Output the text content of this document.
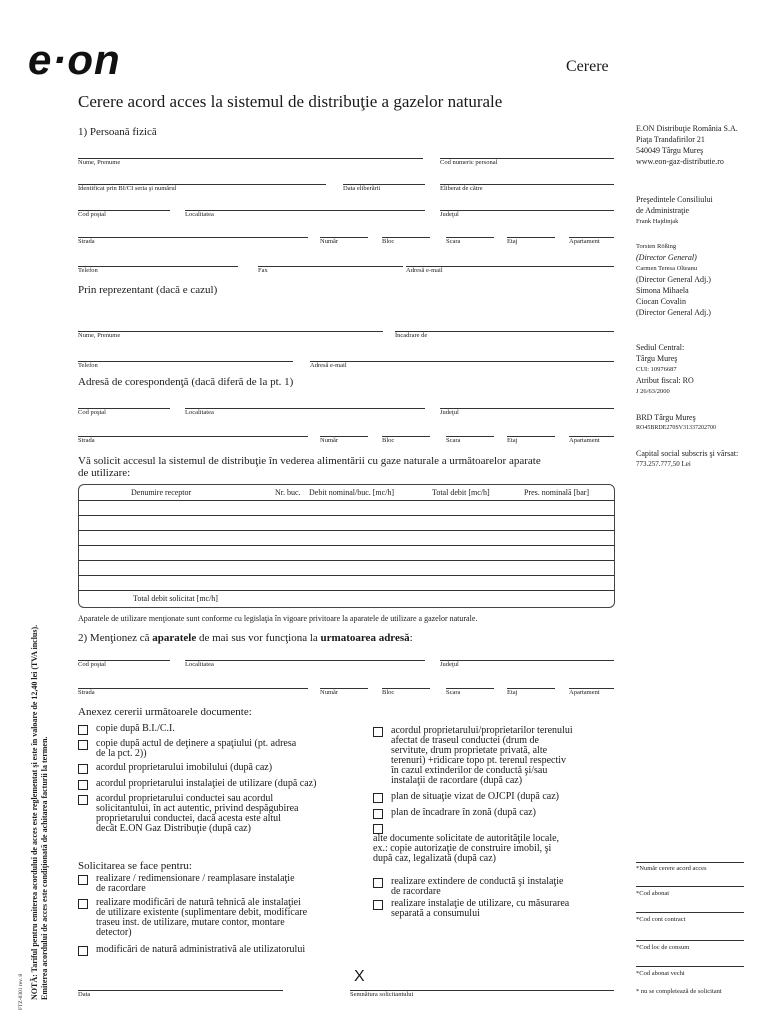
e·on	Cerere
Cerere acord acces la sistemul de distribuţie a gazelor naturale
1) Persoană fizică
Nume, Prenume	Cod numeric personal
Identificat prin BI/CI seria şi numărul	Data eliberării	Eliberat de către
Cod poştal	Localitatea	Judeţul
Strada	Număr	Bloc	Scara	Etaj	Apartament
Telefon	Fax	Adresă e-mail
Prin reprezentant (dacă e cazul)
Nume, Prenume	Încadrare de
Telefon	Adresă e-mail
Adresă de corespondenţă (dacă diferă de la pt. 1)
Cod poştal	Localitatea	Judeţul
Strada	Număr	Bloc	Scara	Etaj	Apartament
Vă solicit accesul la sistemul de distribuţie în vederea alimentării cu gaze naturale a următoarelor aparate
de utilizare:
Denumire receptor	Nr. buc. Debit nominal/buc. [mc/h]	Total debit [mc/h]	Pres. nominală [bar]
Total debit solicitat [mc/h]
Aparatele de utilizare menţionate sunt conforme cu legislaţia în vigoare privitoare la aparatele de utilizare a gazelor naturale.
2) Menţionez că aparatele de mai sus vor funcţiona la urmatoarea adresă:
Cod poştal	Localitatea	Judeţul
Strada	Număr	Bloc	Scara	Etaj	Apartament
Anexez cererii următoarele documente:
copie după B.I./C.I.
copie după actul de deţinere a spaţiului (pt. adresa
de la pct. 2))
acordul proprietarului imobilului (după caz)
acordul proprietarului instalaţiei de utilizare (după caz)
acordul proprietarului conductei sau acordul
solicitantului, în act autentic, privind despăgubirea
proprietarului conductei, dacă acesta este altul
decât E.ON Gaz Distribuţie (după caz)
acordul proprietarului/proprietarilor terenului
afectat de traseul conductei (drum de
servitute, drum proprietate privată, alte
terenuri) +ridicare topo pt. terenul respectiv
în cazul extinderilor de conductă şi/sau
instalaţii de racordare (după caz)
plan de situaţie vizat de OJCPI (după caz)
plan de încadrare în zonă (după caz)
alte documente solicitate de autorităţile locale,
ex.: copie autorizaţie de construire imobil, şi
după caz, legalizată (după caz)
Solicitarea se face pentru:
realizare / redimensionare / reamplasare instalaţie
de racordare
realizare modificări de natură tehnică ale instalaţiei
de utilizare existente (suplimentare debit, modificare
traseu inst. de utilizare, mutare contor, montare
detector)
modificări de natură administrativă ale utilizatorului
realizare extindere de conductă şi instalaţie
de racordare
realizare instalaţie de utilizare, cu măsurarea
separată a consumului
Data	Semnătura solicitantului
X
E.ON Distribuţie România S.A.
Piaţa Trandafirilor 21
540049 Târgu Mureş
www.eon-gaz-distributie.ro
Preşedintele Consiliului
de Administraţie
Frank Hajdinjak
Torsten Rößing
(Director General)
Carmen Teresa Olteanu
(Director General Adj.)
Simona Mihaela
Ciocan Covalin
(Director General Adj.)
Sediul Central:
Târgu Mureş
CUI: 10976687
Atribut fiscal: RO
J 26/63/2000
BRD Târgu Mureş
RO45BRDE270SV31337202700
Capital social subscris şi vărsat:
773.257.777,50 Lei
*Număr cerere acord acces
*Cod abonat
*Cod cont contract
*Cod loc de consum
*Cod abonat vechi
* nu se completează de solicitant
NOTĂ: Tariful pentru emiterea acordului de acces este reglementat şi este în valoare de 12,40 lei (TVA inclus). Emiterea acordului de acces este condiţionată de achitarea facturii la termen.
FTZ-0301 rev. 8
